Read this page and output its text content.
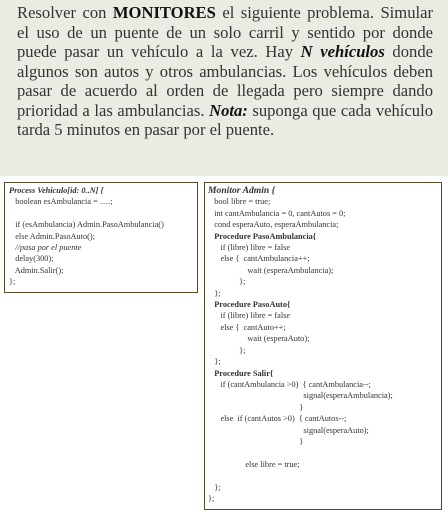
Resolver con MONITORES el siguiente problema. Simular el uso de un puente de un solo carril y sentido por donde puede pasar un vehículo a la vez. Hay N vehículos donde algunos son autos y otros ambulancias. Los vehículos deben pasar de acuerdo al orden de llegada pero siempre dando prioridad a las ambulancias. Nota: suponga que cada vehículo tarda 5 minutos en pasar por el puente.

Process Vehiculo[id: 0..N] {
boolean esAmbulancia = ….;

if (esAmbulancia) Admin.PasoAmbulancia()
else Admin.PasoAuto();
//pasa por el puente
delay(300);
Admin.Salir();
};
Monitor Admin {
bool libre = true;
int cantAmbulancia = 0, cantAutos = 0;
cond esperaAuto, esperaAmbulancia;
Procedure PasoAmbulancia{
if (libre) libre = false
else {  cantAmbulancia++;
wait (esperaAmbulancia);
};
};
Procedure PasoAuto{
if (libre) libre = false
else {  cantAuto++;
wait (esperaAuto);
};
};
Procedure Salir{
if (cantAmbulancia >0)  { cantAmbulancia--;
signal(esperaAmbulancia);
}
else  if (cantAutos >0)  { cantAutos--;
signal(esperaAuto);
}

else libre = true;

};
};
